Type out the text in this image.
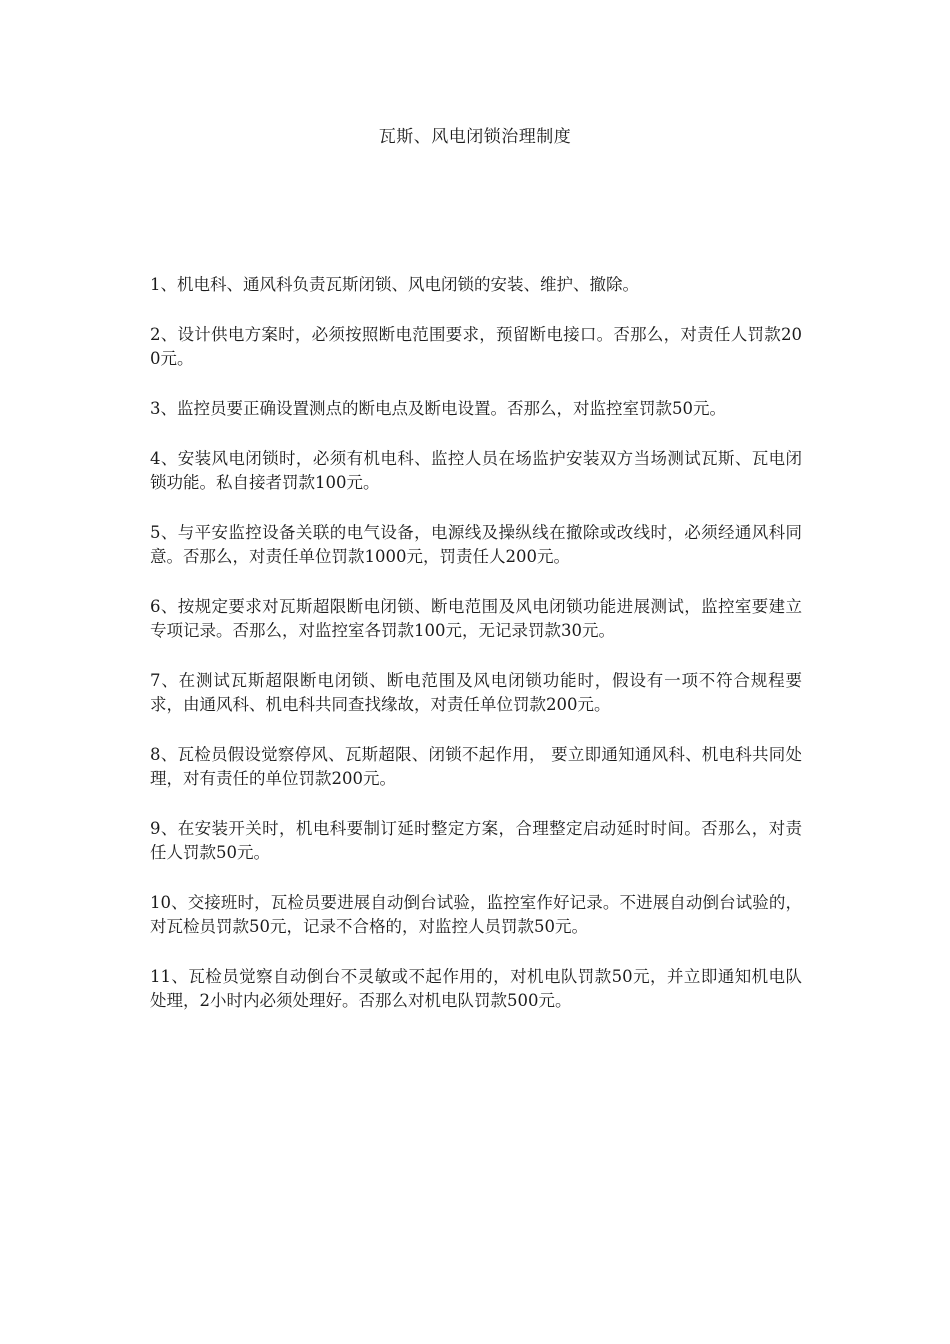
瓦斯、风电闭锁治理制度
1、机电科、通风科负责瓦斯闭锁、风电闭锁的安装、维护、撤除。
2、设计供电方案时，必须按照断电范围要求，预留断电接口。否那么，对责任人罚款200元。
3、监控员要正确设置测点的断电点及断电设置。否那么，对监控室罚款50元。
4、安装风电闭锁时，必须有机电科、监控人员在场监护安装双方当场测试瓦斯、瓦电闭锁功能。私自接者罚款100元。
5、与平安监控设备关联的电气设备，电源线及操纵线在撤除或改线时，必须经通风科同意。否那么，对责任单位罚款1000元，罚责任人200元。
6、按规定要求对瓦斯超限断电闭锁、断电范围及风电闭锁功能进展测试，监控室要建立专项记录。否那么，对监控室各罚款100元，无记录罚款30元。
7、在测试瓦斯超限断电闭锁、断电范围及风电闭锁功能时，假设有一项不符合规程要求，由通风科、机电科共同查找缘故，对责任单位罚款200元。
8、瓦检员假设觉察停风、瓦斯超限、闭锁不起作用， 要立即通知通风科、机电科共同处理，对有责任的单位罚款200元。
9、在安装开关时，机电科要制订延时整定方案，合理整定启动延时时间。否那么，对责任人罚款50元。
10、交接班时，瓦检员要进展自动倒台试验，监控室作好记录。不进展自动倒台试验的，对瓦检员罚款50元，记录不合格的，对监控人员罚款50元。
11、瓦检员觉察自动倒台不灵敏或不起作用的，对机电队罚款50元，并立即通知机电队处理，2小时内必须处理好。否那么对机电队罚款500元。
